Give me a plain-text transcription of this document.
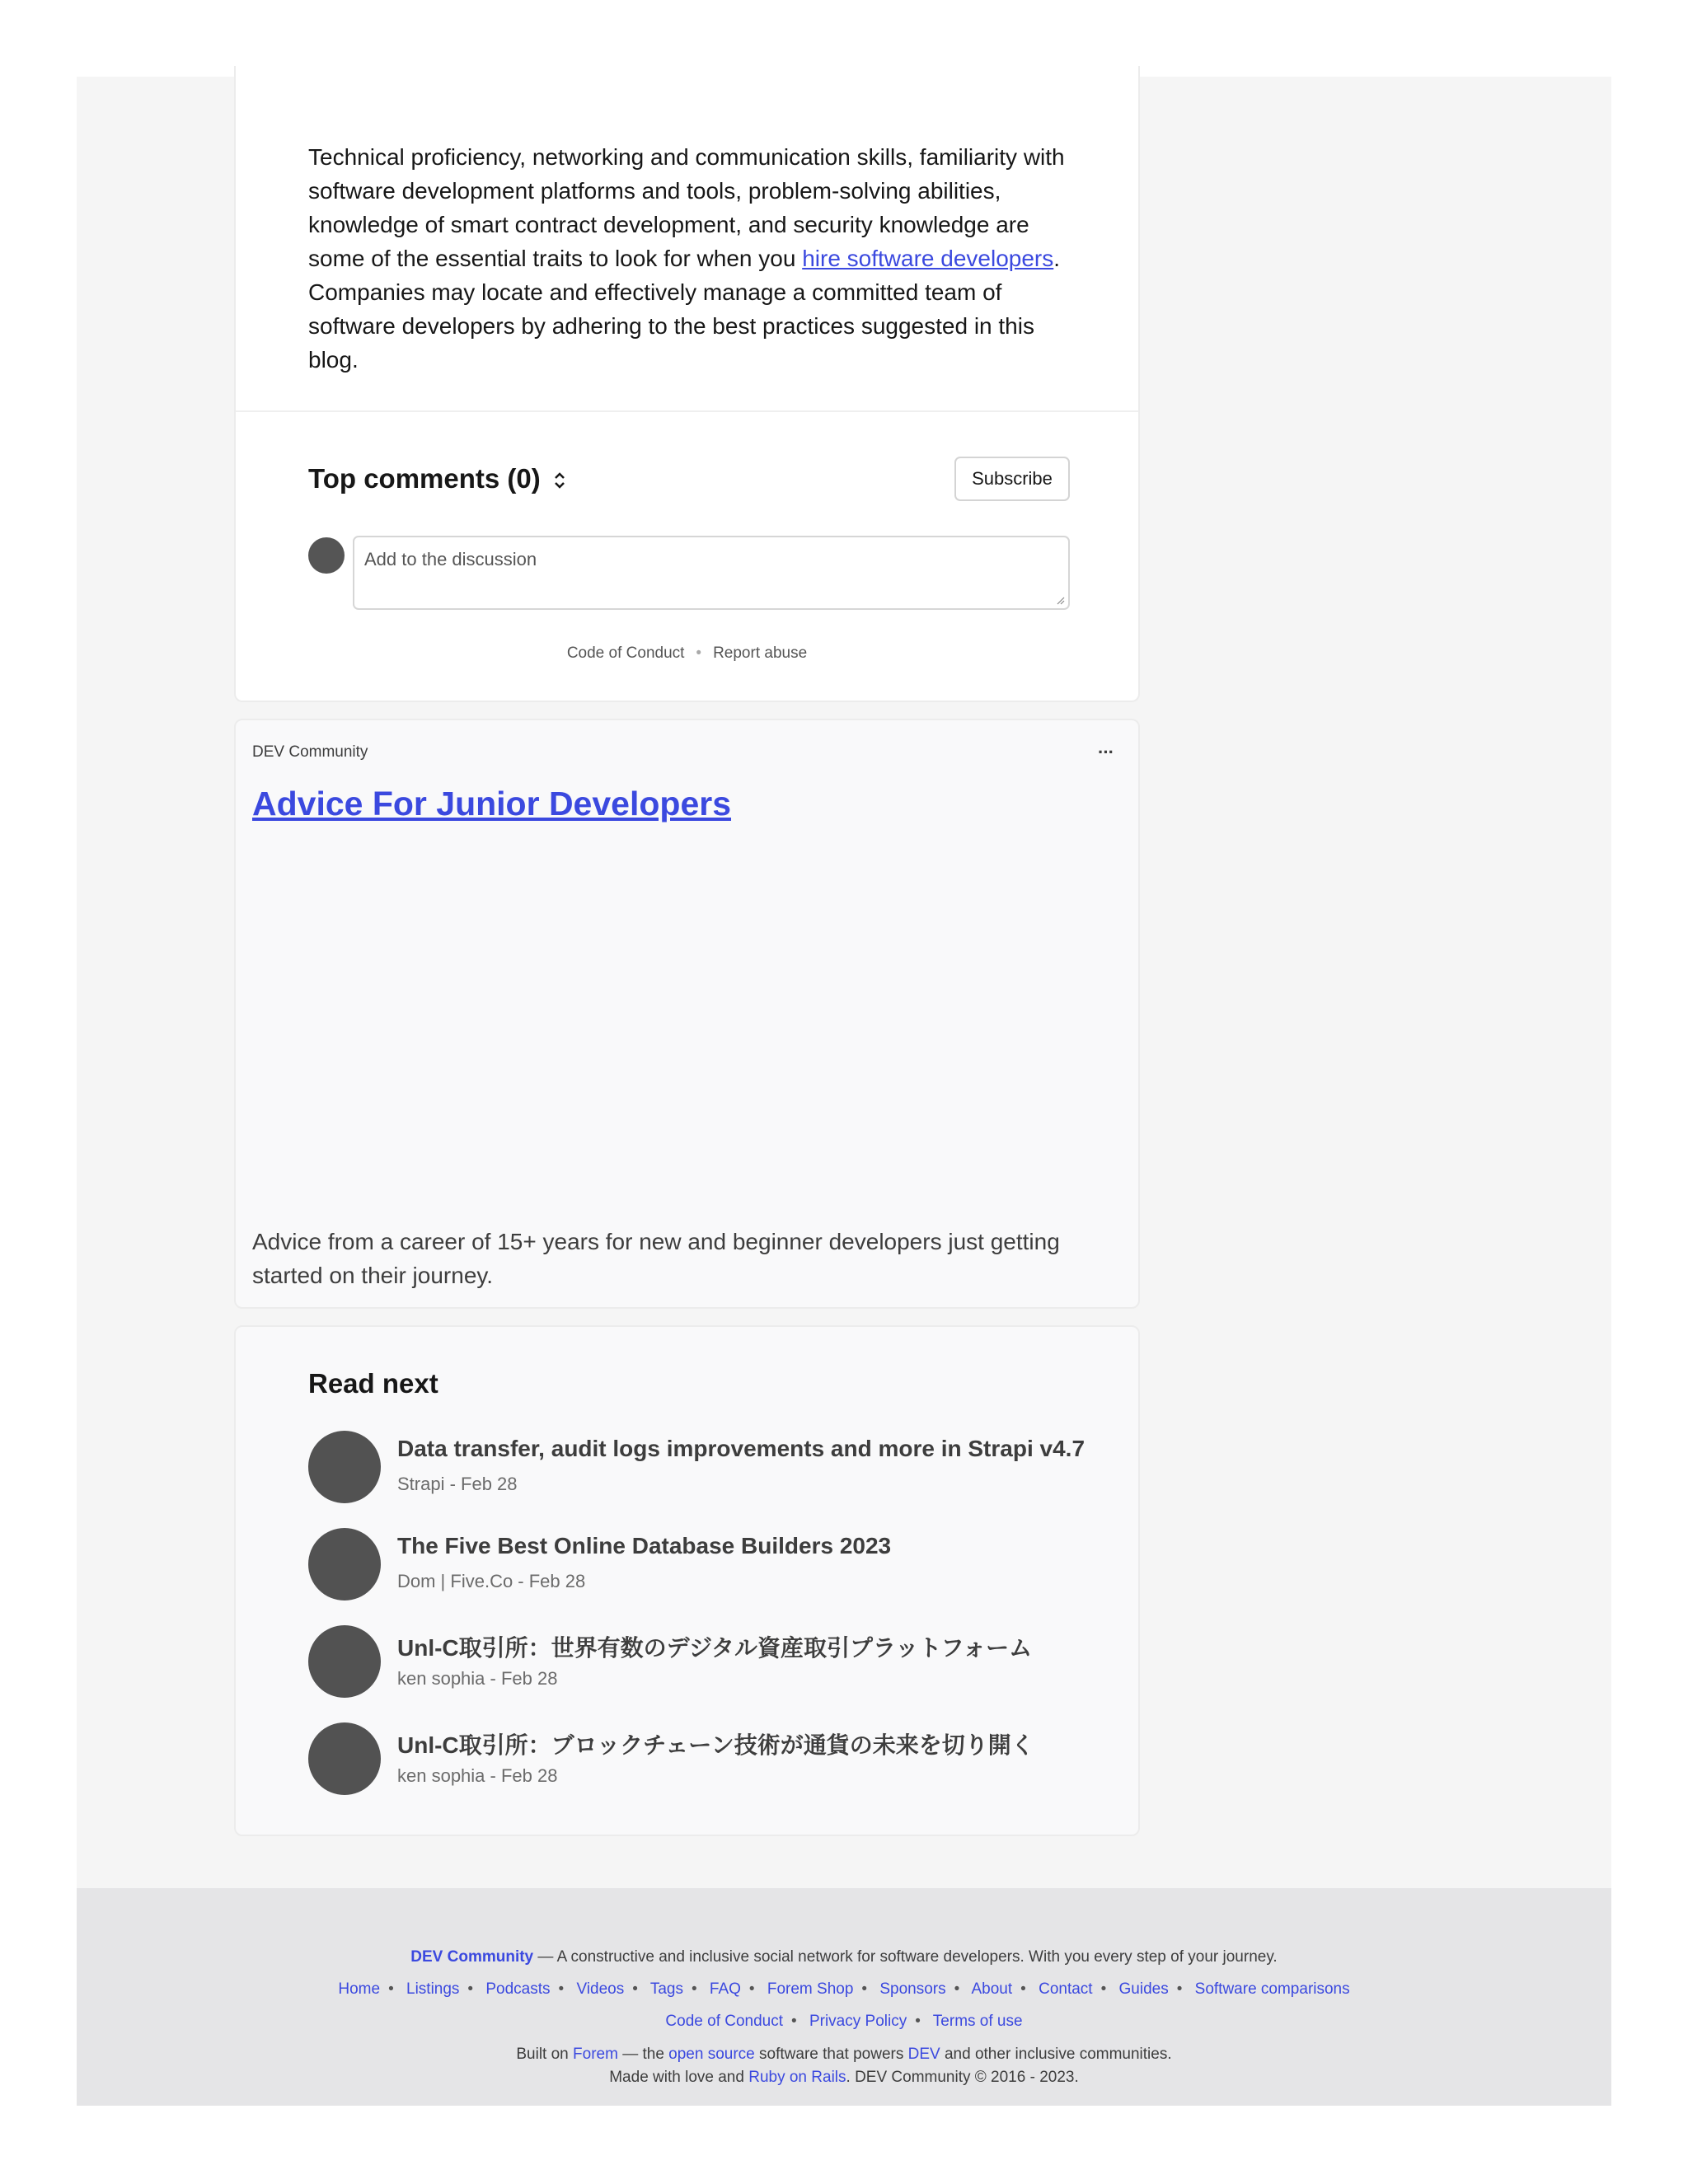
Technical proficiency, networking and communication skills, familiarity with software development platforms and tools, problem-solving abilities, knowledge of smart contract development, and security knowledge are some of the essential traits to look for when you hire software developers. Companies may locate and effectively manage a committed team of software developers by adhering to the best practices suggested in this blog.

Top comments (0)	Subscribe
Add to the discussion
Code of Conduct • Report abuse
DEV Community	···
Advice For Junior Developers

Advice from a career of 15+ years for new and beginner developers just getting started on their journey.

Read next
Data transfer, audit logs improvements and more in Strapi v4.7
Strapi - Feb 28
The Five Best Online Database Builders 2023
Dom | Five.Co - Feb 28
Unl-C取引所：世界有数のデジタル資産取引プラットフォーム
ken sophia - Feb 28
Unl-C取引所：ブロックチェーン技術が通貨の未来を切り開く
ken sophia - Feb 28
DEV Community — A constructive and inclusive social network for software developers. With you every step of your journey.
Home • Listings • Podcasts • Videos • Tags • FAQ • Forem Shop • Sponsors • About • Contact • Guides • Software comparisons
Code of Conduct • Privacy Policy • Terms of use
Built on Forem — the open source software that powers DEV and other inclusive communities.
Made with love and Ruby on Rails. DEV Community © 2016 - 2023.
